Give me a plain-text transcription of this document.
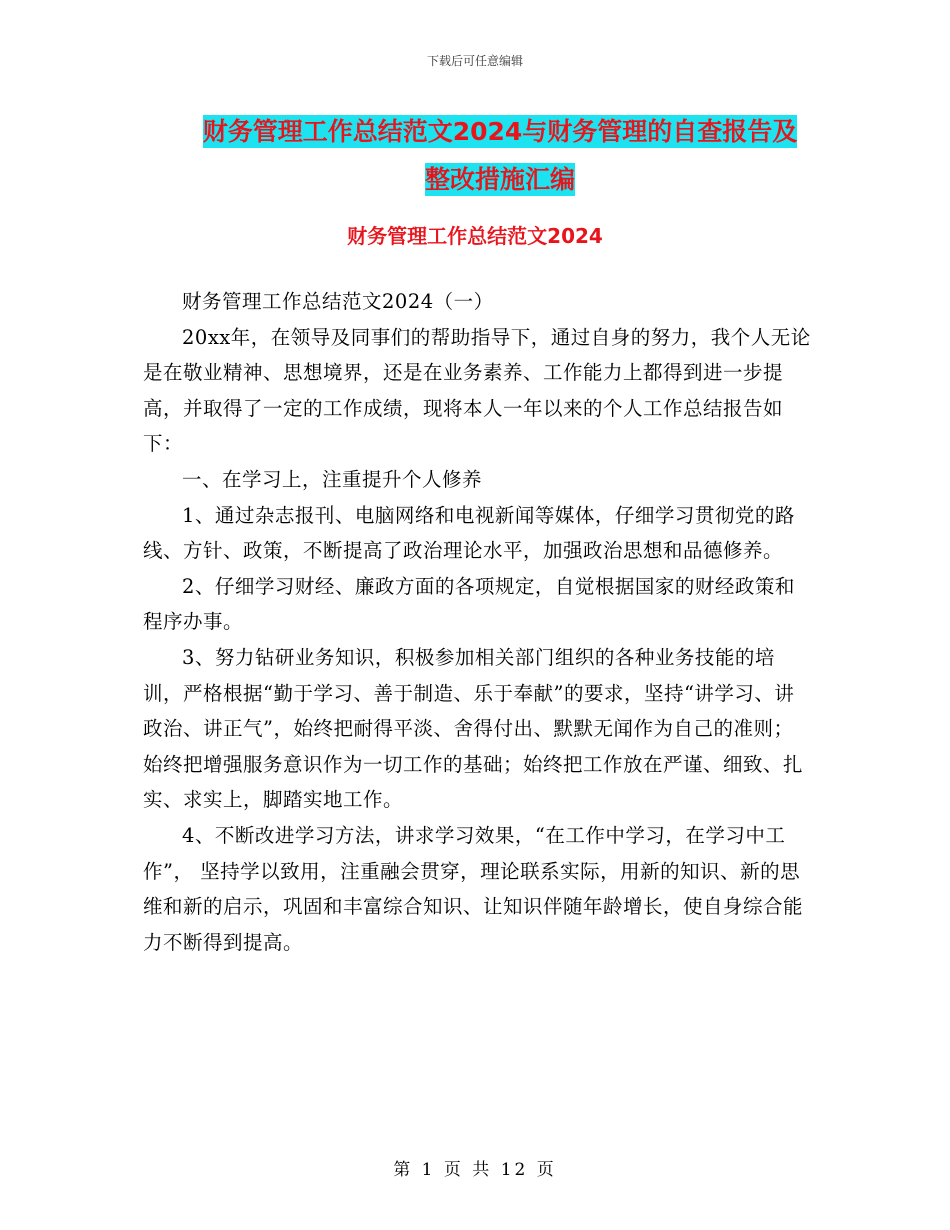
下载后可任意编辑
财务管理工作总结范文2024与财务管理的自查报告及
整改措施汇编
财务管理工作总结范文2024

财务管理工作总结范文2024（一）

20xx年，在领导及同事们的帮助指导下，通过自身的努力，我个人无论是在敬业精神、思想境界，还是在业务素养、工作能力上都得到进一步提高，并取得了一定的工作成绩，现将本人一年以来的个人工作总结报告如下：

一、在学习上，注重提升个人修养

1、通过杂志报刊、电脑网络和电视新闻等媒体，仔细学习贯彻党的路线、方针、政策，不断提高了政治理论水平，加强政治思想和品德修养。

2、仔细学习财经、廉政方面的各项规定，自觉根据国家的财经政策和程序办事。

3、努力钻研业务知识，积极参加相关部门组织的各种业务技能的培训，严格根据“勤于学习、善于制造、乐于奉献”的要求，坚持“讲学习、讲政治、讲正气”，始终把耐得平淡、舍得付出、默默无闻作为自己的准则；始终把增强服务意识作为一切工作的基础；始终把工作放在严谨、细致、扎实、求实上，脚踏实地工作。

4、不断改进学习方法，讲求学习效果，“在工作中学习，在学习中工作”， 坚持学以致用，注重融会贯穿，理论联系实际，用新的知识、新的思维和新的启示，巩固和丰富综合知识、让知识伴随年龄增长，使自身综合能力不断得到提高。

第 1 页 共 12 页
